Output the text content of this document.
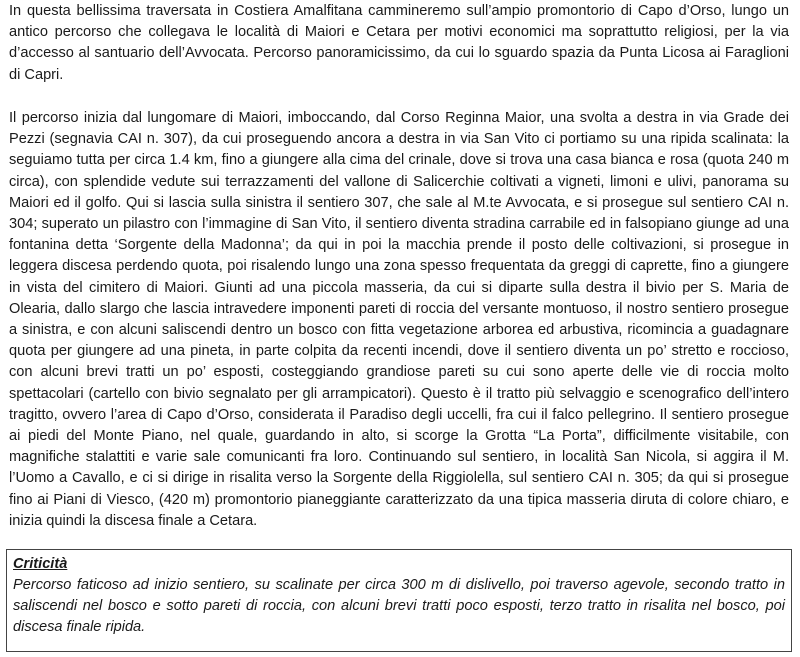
In questa bellissima traversata in Costiera Amalfitana cammineremo sull’ampio promontorio di Capo d’Orso, lungo un antico percorso che collegava le località di Maiori e Cetara per motivi economici ma soprattutto religiosi, per la via d’accesso al santuario dell’Avvocata. Percorso panoramicissimo, da cui lo sguardo spazia da Punta Licosa ai Faraglioni di Capri.

Il percorso inizia dal lungomare di Maiori, imboccando, dal Corso Reginna Maior, una svolta a destra in via Grade dei Pezzi (segnavia CAI n. 307), da cui proseguendo ancora a destra in via San Vito ci portiamo su una ripida scalinata: la seguiamo tutta per circa 1.4 km, fino a giungere alla cima del crinale, dove si trova una casa bianca e rosa (quota 240 m circa), con splendide vedute sui terrazzamenti del vallone di Salicerchie coltivati a vigneti, limoni e ulivi, panorama su Maiori ed il golfo. Qui si lascia sulla sinistra il sentiero 307, che sale al M.te Avvocata, e si prosegue sul sentiero CAI n. 304; superato un pilastro con l’immagine di San Vito, il sentiero diventa stradina carrabile ed in falsopiano giunge ad una fontanina detta ‘Sorgente della Madonna’; da qui in poi la macchia prende il posto delle coltivazioni, si prosegue in leggera discesa perdendo quota, poi risalendo lungo una zona spesso frequentata da greggi di caprette, fino a giungere in vista del cimitero di Maiori. Giunti ad una piccola masseria, da cui si diparte sulla destra il bivio per S. Maria de Olearia, dallo slargo che lascia intravedere imponenti pareti di roccia del versante montuoso, il nostro sentiero prosegue a sinistra, e con alcuni saliscendi dentro un bosco con fitta vegetazione arborea ed arbustiva, ricomincia a guadagnare quota per giungere ad una pineta, in parte colpita da recenti incendi, dove il sentiero diventa un po’ stretto e roccioso, con alcuni brevi tratti un po’ esposti, costeggiando grandiose pareti su cui sono aperte delle vie di roccia molto spettacolari (cartello con bivio segnalato per gli arrampicatori). Questo è il tratto più selvaggio e scenografico dell’intero tragitto, ovvero l’area di Capo d’Orso, considerata il Paradiso degli uccelli, fra cui il falco pellegrino. Il sentiero prosegue ai piedi del Monte Piano, nel quale, guardando in alto, si scorge la Grotta “La Porta”, difficilmente visitabile, con magnifiche stalattiti e varie sale comunicanti fra loro. Continuando sul sentiero, in località San Nicola, si aggira il M. l’Uomo a Cavallo, e ci si dirige in risalita verso la Sorgente della Riggiolella, sul sentiero CAI n. 305; da qui si prosegue fino ai Piani di Viesco, (420 m) promontorio pianeggiante caratterizzato da una tipica masseria diruta di colore chiaro, e inizia quindi la discesa finale a Cetara.

Criticità

Percorso faticoso ad inizio sentiero, su scalinate per circa 300 m di dislivello, poi traverso agevole, secondo tratto in saliscendi nel bosco e sotto pareti di roccia, con alcuni brevi tratti poco esposti, terzo tratto in risalita nel bosco, poi discesa finale ripida.
